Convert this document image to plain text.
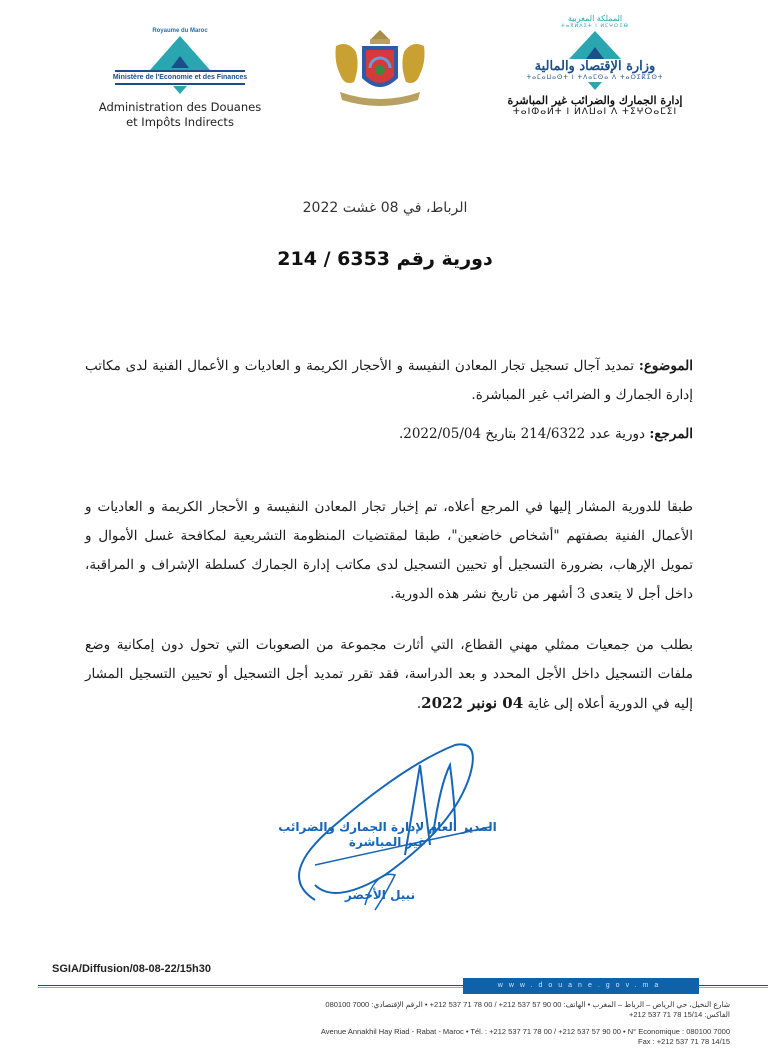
Royaume du Maroc
Ministère de l'Economie et des Finances
Administration des Douanes
et Impôts Indirects
المملكة المغربية
ⵜⴰⴳⵍⴷⵉⵜ ⵏ ⵍⵎⵖⵔⵉⴱ
وزارة الإقتصاد والمالية
ⵜⴰⵎⴰⵡⴰⵙⵜ ⵏ ⵜⴷⴰⵎⵙⴰ ⴷ ⵜⴰⵔⵉⴽⵉⵙⵜ
إدارة الجمارك والضرائب غير المباشرة
ⵜⴰⵏⵀⴰⵍⵜ ⵏ ⵍⴷⵡⴰⵏ ⴷ ⵜⵉⵖⵔⴰⵎⵉⵏ
الرباط، في 08 غشت 2022
دورية رقم 6353 / 214
الموضوع: تمديد آجال تسجيل تجار المعادن النفيسة و الأحجار الكريمة و العاديات و الأعمال الفنية لدى مكاتب إدارة الجمارك و الضرائب غير المباشرة.
المرجع: دورية عدد 214/6322 بتاريخ 2022/05/04.
طبقا للدورية المشار إليها في المرجع أعلاه، تم إخبار تجار المعادن النفيسة و الأحجار الكريمة و العاديات و الأعمال الفنية بصفتهم "أشخاص خاضعين"، طبقا لمقتضيات المنظومة التشريعية لمكافحة غسل الأموال و تمويل الإرهاب، بضرورة التسجيل أو تحيين التسجيل لدى مكاتب إدارة الجمارك كسلطة الإشراف و المراقبة، داخل أجل لا يتعدى 3 أشهر من تاريخ نشر هذه الدورية.
بطلب من جمعيات ممثلي مهني القطاع، التي أثارت مجموعة من الصعوبات التي تحول دون إمكانية وضع ملفات التسجيل داخل الأجل المحدد و بعد الدراسة، فقد تقرر تمديد أجل التسجيل أو تحيين التسجيل المشار إليه في الدورية أعلاه إلى غاية 04 نونبر 2022.
المدير العام لإدارة الجمارك والضرائب
غير المباشرة
نبيل الأخضر
SGIA/Diffusion/08-08-22/15h30
www.douane.gov.ma
شارع النخيل، حي الرياض – الرباط – المغرب • الهاتف: 00 90 57 537 212+ / 00 78 71 537 212+ • الرقم الإقتصادي: 7000 080100
الفاكس: 15/14 78 71 537 212+
Avenue Annakhil Hay Riad - Rabat - Maroc • Tél. : +212 537 71 78 00 / +212 537 57 90 00 • N° Economique : 080100 7000
Fax : +212 537 71 78 14/15
